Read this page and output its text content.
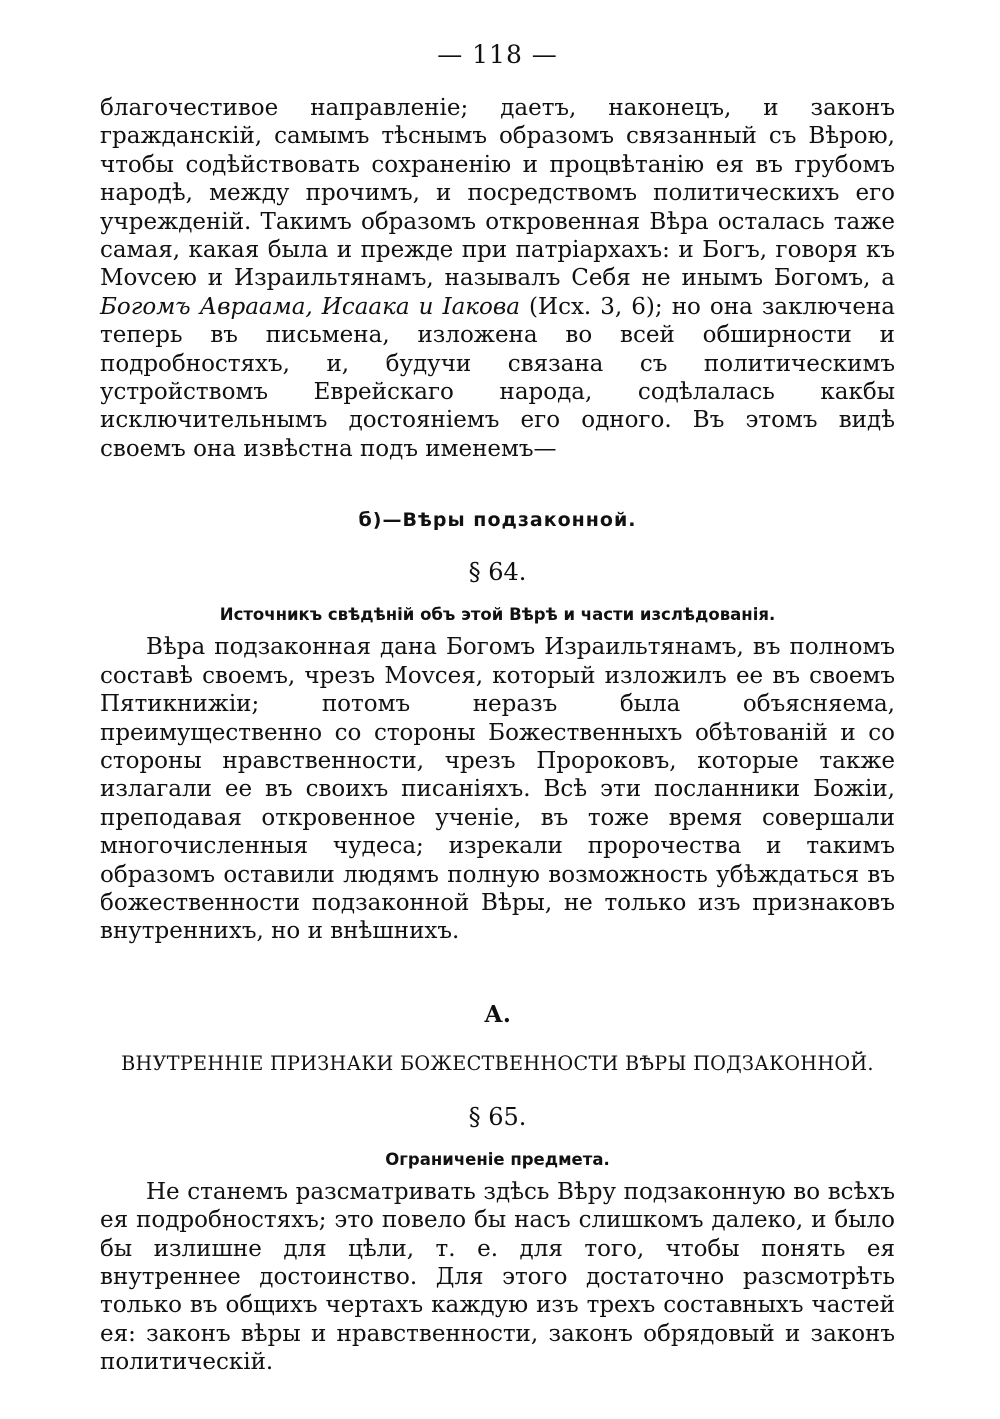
— 118 —

благочестивое направленіе; даетъ, наконецъ, и законъ гражданскій, самымъ тѣснымъ образомъ связанный съ Вѣрою, чтобы содѣйствовать сохраненію и процвѣтанію ея въ грубомъ народѣ, между прочимъ, и посредствомъ политическихъ его учрежденій. Такимъ образомъ откровенная Вѣра осталась таже самая, какая была и прежде при патріархахъ: и Богъ, говоря къ Моvсею и Израильтянамъ, называлъ Себя не инымъ Богомъ, а Богомъ Авраама, Исаака и Іакова (Исх. 3, 6); но она заключена теперь въ письмена, изложена во всей обширности и подробностяхъ, и, будучи связана съ политическимъ устройствомъ Еврейскаго народа, содѣлалась какбы исключительнымъ достояніемъ его одного. Въ этомъ видѣ своемъ она извѣстна подъ именемъ—

б)—Вѣры подзаконной.
§ 64.
Источникъ свѣдѣній объ этой Вѣрѣ и части изслѣдованія.

Вѣра подзаконная дана Богомъ Израильтянамъ, въ полномъ составѣ своемъ, чрезъ Моvсея, который изложилъ ее въ своемъ Пятикнижіи; потомъ неразъ была объясняема, преимущественно со стороны Божественныхъ обѣтованій и со стороны нравственности, чрезъ Пророковъ, которые также излагали ее въ своихъ писаніяхъ. Всѣ эти посланники Божіи, преподавая откровенное ученіе, въ тоже время совершали многочисленныя чудеса; изрекали пророчества и такимъ образомъ оставили людямъ полную возможность убѣждаться въ божественности подзаконной Вѣры, не только изъ признаковъ внутреннихъ, но и внѣшнихъ.

А.
ВНУТРЕННІЕ ПРИЗНАКИ БОЖЕСТВЕННОСТИ ВѢРЫ ПОДЗАКОННОЙ.
§ 65.
Ограниченіе предмета.

Не станемъ разсматривать здѣсь Вѣру подзаконную во всѣхъ ея подробностяхъ; это повело бы насъ слишкомъ далеко, и было бы излишне для цѣли, т. е. для того, чтобы понять ея внутреннее достоинство. Для этого достаточно разсмотрѣть только въ общихъ чертахъ каждую изъ трехъ составныхъ частей ея: законъ вѣры и нравственности, законъ обрядовый и законъ политическій.
